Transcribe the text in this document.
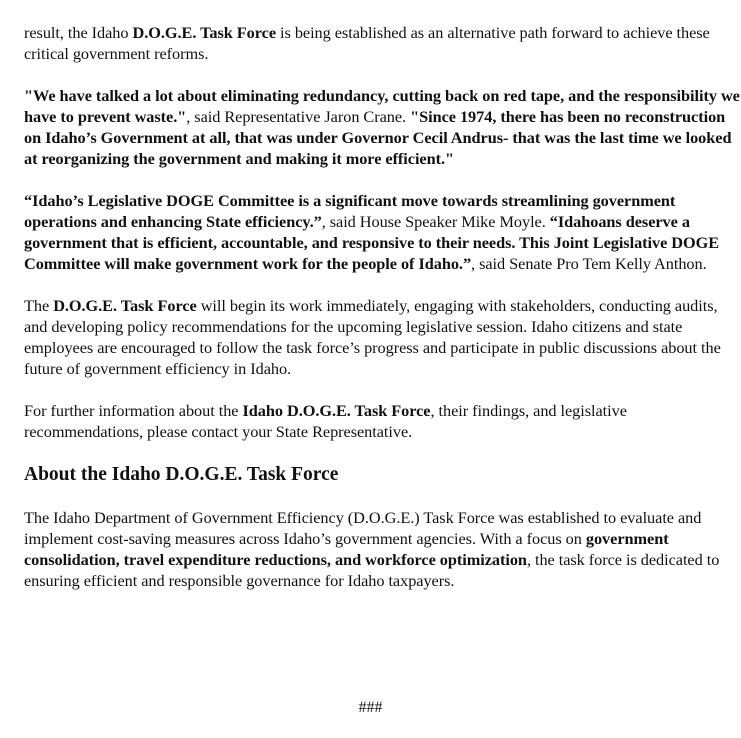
result, the Idaho D.O.G.E. Task Force is being established as an alternative path forward to achieve these critical government reforms.

"We have talked a lot about eliminating redundancy, cutting back on red tape, and the responsibility we have to prevent waste.", said Representative Jaron Crane. "Since 1974, there has been no reconstruction on Idaho’s Government at all, that was under Governor Cecil Andrus- that was the last time we looked at reorganizing the government and making it more efficient."

“Idaho’s Legislative DOGE Committee is a significant move towards streamlining government operations and enhancing State efficiency.”, said House Speaker Mike Moyle. “Idahoans deserve a government that is efficient, accountable, and responsive to their needs. This Joint Legislative DOGE Committee will make government work for the people of Idaho.”, said Senate Pro Tem Kelly Anthon.

The D.O.G.E. Task Force will begin its work immediately, engaging with stakeholders, conducting audits, and developing policy recommendations for the upcoming legislative session. Idaho citizens and state employees are encouraged to follow the task force’s progress and participate in public discussions about the future of government efficiency in Idaho.

For further information about the Idaho D.O.G.E. Task Force, their findings, and legislative recommendations, please contact your State Representative.

About the Idaho D.O.G.E. Task Force

The Idaho Department of Government Efficiency (D.O.G.E.) Task Force was established to evaluate and implement cost-saving measures across Idaho’s government agencies. With a focus on government consolidation, travel expenditure reductions, and workforce optimization, the task force is dedicated to ensuring efficient and responsible governance for Idaho taxpayers.

###
